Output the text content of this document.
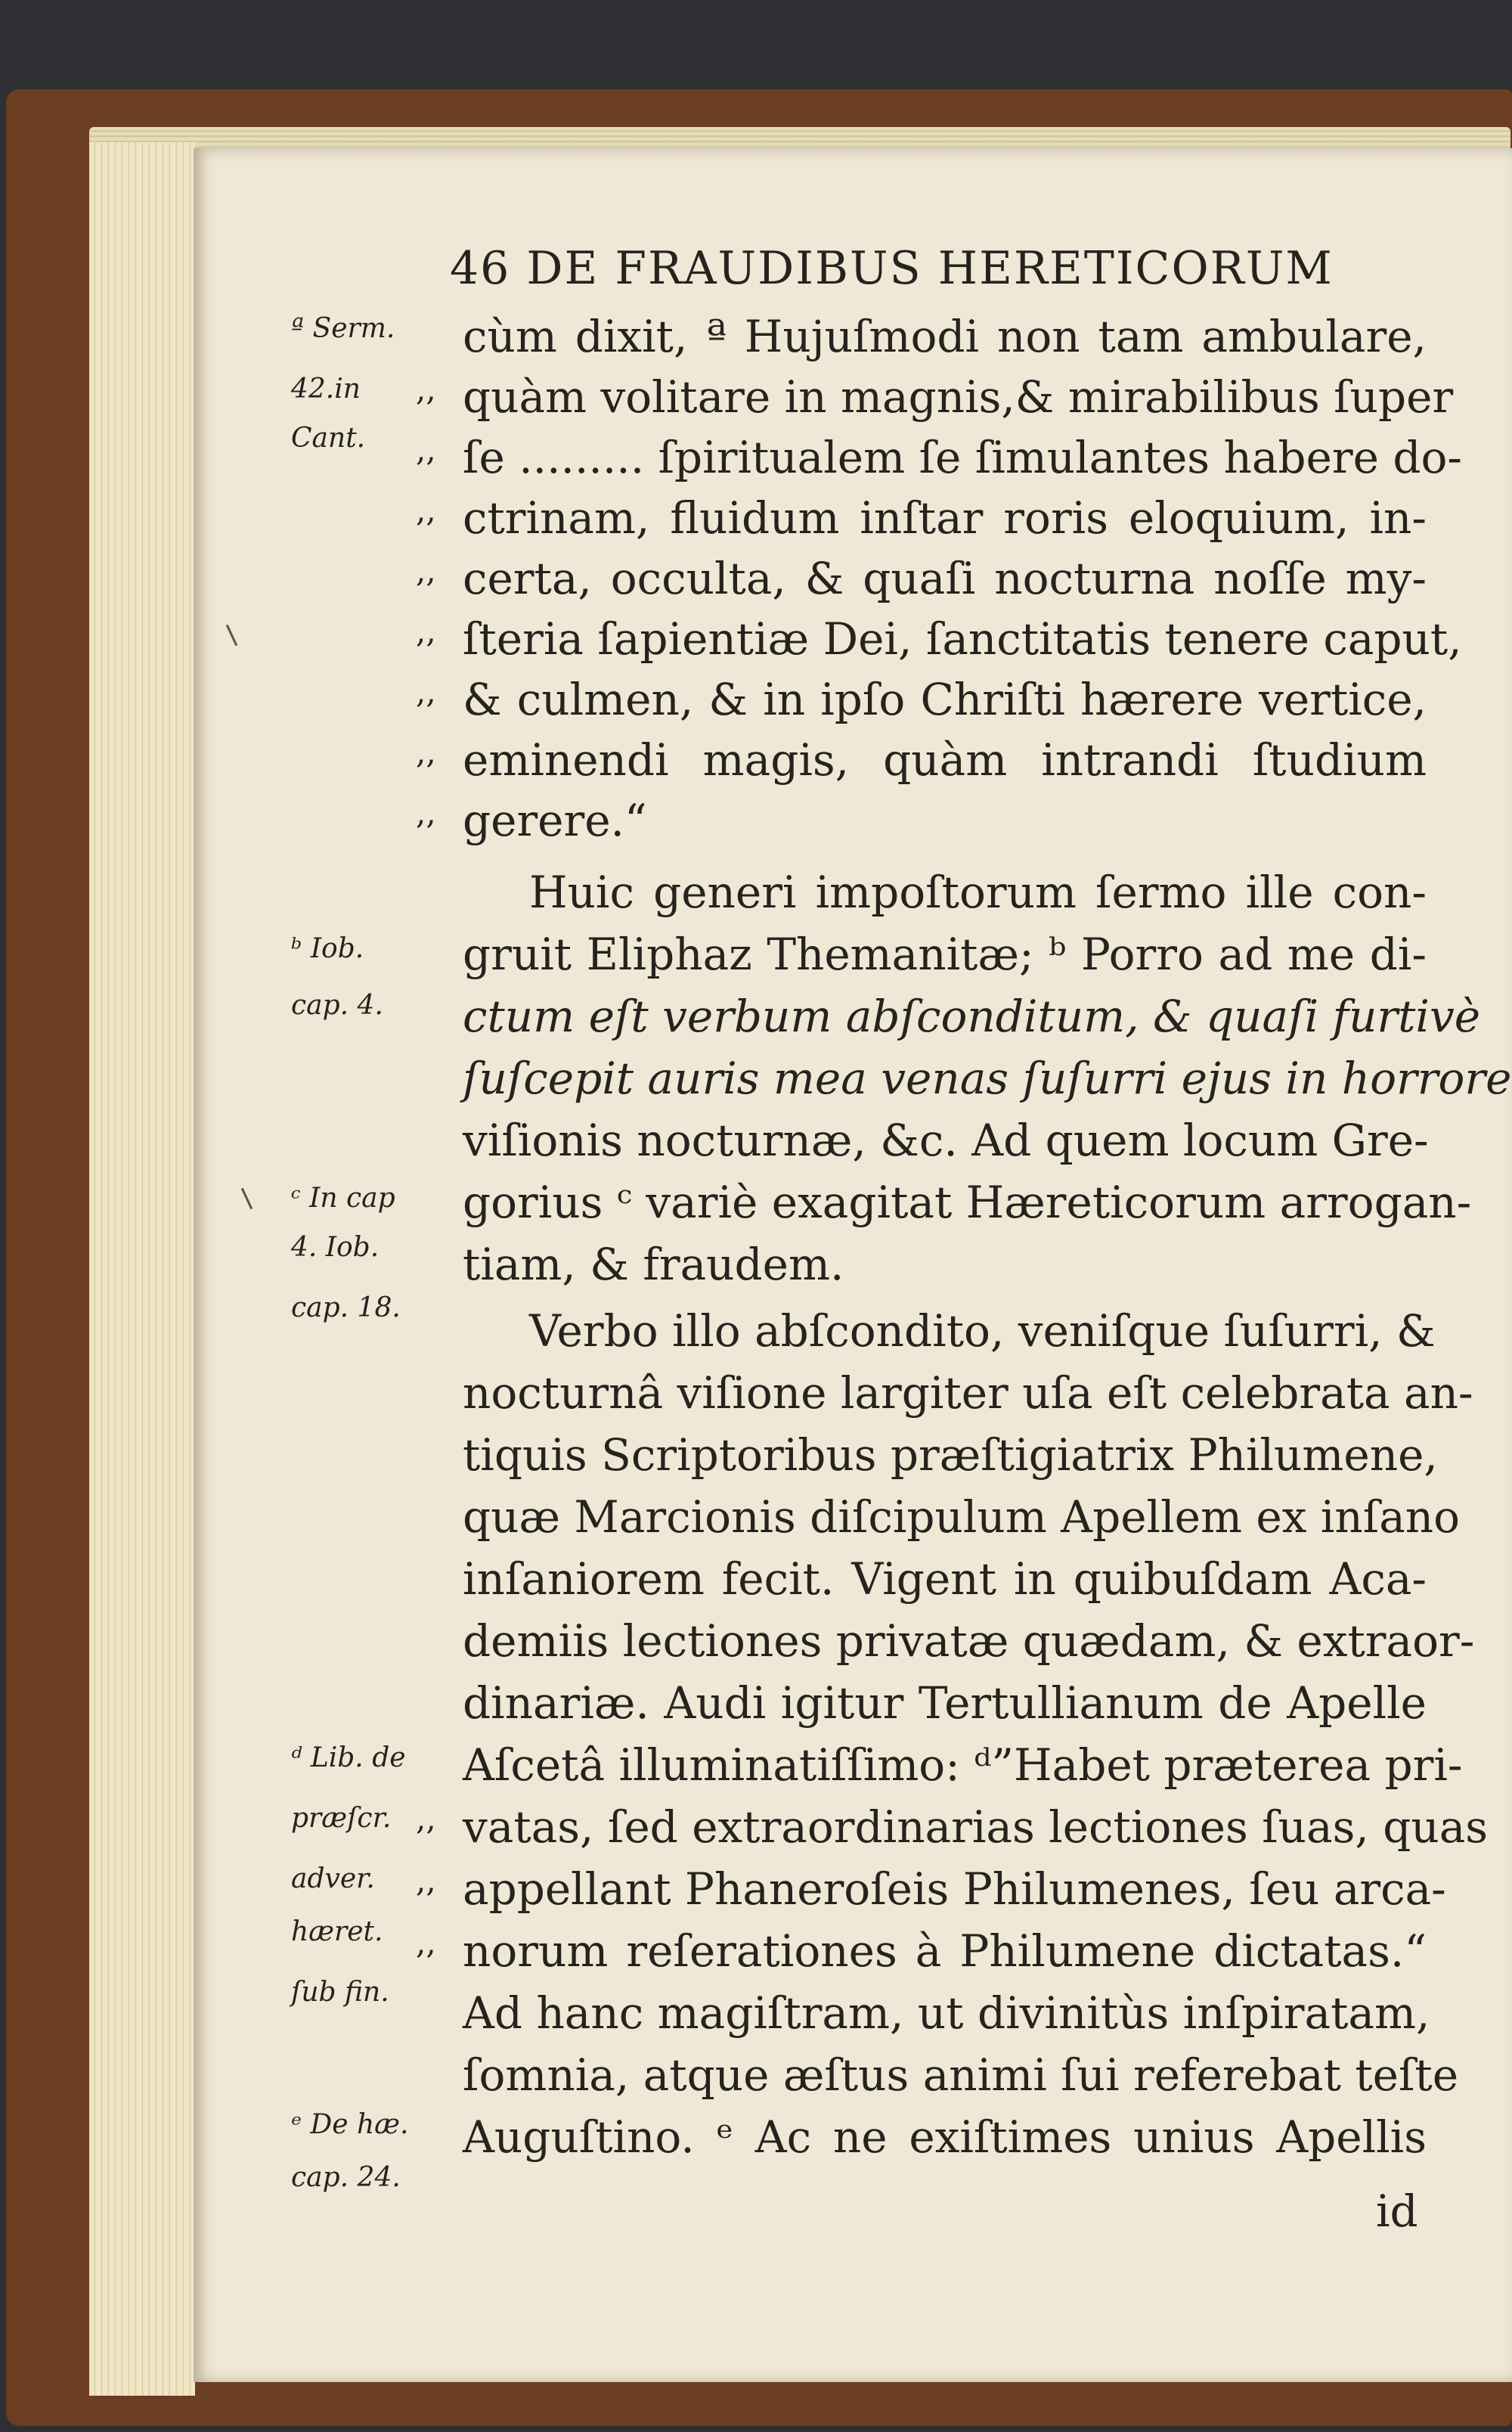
46 DE FRAUDIBUS HERETICORUM
cùm dixit, ª Hujuſmodi non tam ambulare,
quàm volitare in magnis,& mirabilibus ſuper
ſe ......... ſpiritualem ſe ſimulantes habere do-
ctrinam, fluidum inſtar roris eloquium, in-
certa, occulta, & quaſi nocturna noſſe my-
ſteria ſapientiæ Dei, ſanctitatis tenere caput,
& culmen, & in ipſo Chriſti hærere vertice,
eminendi magis, quàm intrandi ſtudium
gerere.“
Huic generi impoſtorum ſermo ille con-
gruit Eliphaz Themanitæ; ᵇ Porro ad me di-
ctum eſt verbum abſconditum, & quaſi furtivè
ſuſcepit auris mea venas ſuſurri ejus in horrore
viſionis nocturnæ, &c. Ad quem locum Gre-
gorius ᶜ variè exagitat Hæreticorum arrogan-
tiam, & fraudem.
Verbo illo abſcondito, veniſque ſuſurri, &
nocturnâ viſione largiter uſa eſt celebrata an-
tiquis Scriptoribus præſtigiatrix Philumene,
quæ Marcionis diſcipulum Apellem ex inſano
inſaniorem fecit. Vigent in quibuſdam Aca-
demiis lectiones privatæ quædam, & extraor-
dinariæ. Audi igitur Tertullianum de Apelle
Aſcetâ illuminatiſſimo: ᵈ”Habet præterea pri-
vatas, ſed extraordinarias lectiones ſuas, quas
appellant Phaneroſeis Philumenes, ſeu arca-
norum reſerationes à Philumene dictatas.“
Ad hanc magiſtram, ut divinitùs inſpiratam,
ſomnia, atque æſtus animi ſui referebat teſte
Auguſtino. ᵉ Ac ne exiſtimes unius Apellis
id
,,
,,
,,
,,
,,
,,
,,
,,
,,
,,
,,
ª Serm.
42.in
Cant.
ᵇ Iob.
cap. 4.
ᶜ In cap
4. Iob.
cap. 18.
ᵈ Lib. de
præſcr.
adver.
hæret.
ſub fin.
ᵉ De hæ.
cap. 24.
